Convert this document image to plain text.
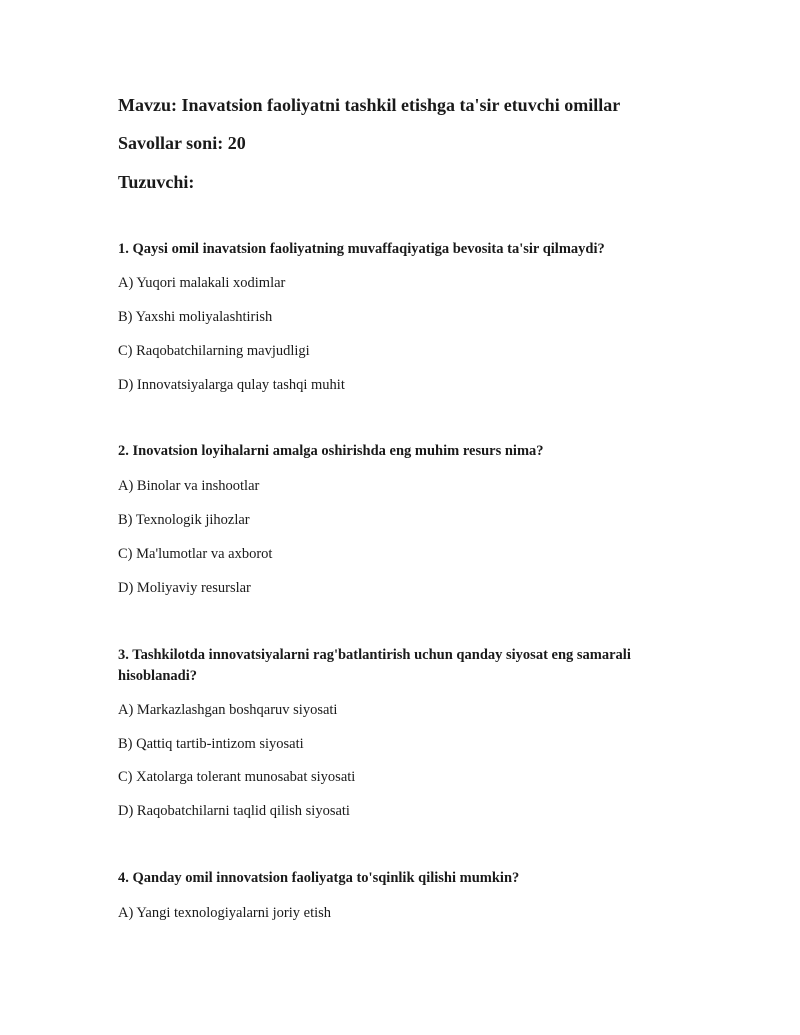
Mavzu: Inavatsion faoliyatni tashkil etishga ta'sir etuvchi omillar
Savollar soni: 20
Tuzuvchi:
1. Qaysi omil inavatsion faoliyatning muvaffaqiyatiga bevosita ta'sir qilmaydi?
A) Yuqori malakali xodimlar
B) Yaxshi moliyalashtirish
C) Raqobatchilarning mavjudligi
D) Innovatsiyalarga qulay tashqi muhit
2. Inovatsion loyihalarni amalga oshirishda eng muhim resurs nima?
A) Binolar va inshootlar
B) Texnologik jihozlar
C) Ma'lumotlar va axborot
D) Moliyaviy resurslar
3. Tashkilotda innovatsiyalarni rag'batlantirish uchun qanday siyosat eng samarali hisoblanadi?
A) Markazlashgan boshqaruv siyosati
B) Qattiq tartib-intizom siyosati
C) Xatolarga tolerant munosabat siyosati
D) Raqobatchilarni taqlid qilish siyosati
4. Qanday omil innovatsion faoliyatga to'sqinlik qilishi mumkin?
A) Yangi texnologiyalarni joriy etish
